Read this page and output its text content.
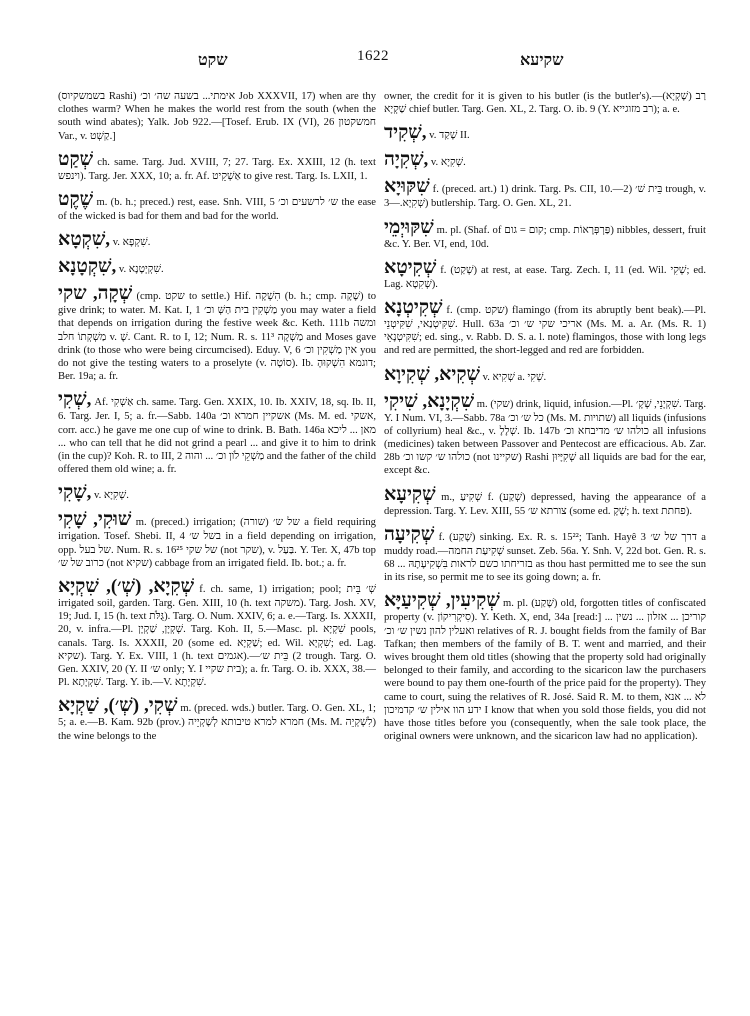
שקט	1622	שקיעא

(בשמשקיוס Rashi) אימתי... בשעה שה׳ וכ׳ Job XXXVII, 17) when are thy clothes warm? When he makes the world rest from the south (when the south wind abates); Yalk. Job 922.—[Tosef. Erub. IX (VI), 26 חמשקטון Var., v. קַשְׁט.]

שְׁקַט ch. same. Targ. Jud. XVIII, 7; 27. Targ. Ex. XXIII, 12 (h. text וינפש). Targ. Jer. XXX, 10; a. fr. Af. אַשְׁקֵיט to give rest. Targ. Is. LXII, 1.

שֶׁקֶט m. (b. h.; preced.) rest, ease. Snh. VIII, 5 ש׳ לרשעים וכ׳ the ease of the wicked is bad for them and bad for the world.

שִׁקְטָא, v. שִׁקְפָא.

שִׁקְטָנָא, v. שִׁקְיְטָנָא.

שְׁקָה, שקי (cmp. שקט to settle.) Hif. הִשְׁקָה (b. h.; cmp. שָׁקָה) to give drink; to water. M. Kat. I, 1 מַשְׁקִין בית הַשְּׁ וכ׳ you may water a field that depends on irrigation during the festive week &c. Keth. 111b ומשה מַשְׁקְתוֹ חלב v. שָׁ. Cant. R. to I, 12; Num. R. s. 11³ מַשְׁקָה and Moses gave drink (to those who were being circumcised). Eduy. V, 6 אין מַשְׁקִין וכ׳ you do not give the testing waters to a proselyte (v. סוֹטָה). Ib. דוגמא הִשְׁקוּהָ; Ber. 19a; a. fr.

שְׁקִי, Af. אַשְׁקִי ch. same. Targ. Gen. XXIX, 10. Ib. XXIV, 18, sq. Ib. II, 6. Targ. Jer. I, 5; a. fr.—Sabb. 140a אשקיין חמרא וכ׳ (Ms. M. ed. אשקי, corr. acc.) he gave me one cup of wine to drink. B. Bath. 146a מאן ... ליכא ... who can tell that he did not grind a pearl ... and give it to him to drink (in the cup)? Koh. R. to III, 2 מַשְׁקֵי לֹון וכ׳ ... והוה and the father of the child offered them old wine; a. fr.

שָׁקִי, v. שְׁקִיָא.

שׁוּקִי, שָׁקִי m. (preced.) irrigation; (שורה) של ש׳ a field requiring irrigation. Tosef. Shebi. II, 4 בשל ש׳ in a field depending on irrigation, opp. של בעל. Num. R. s. 16²⁵ של שקי (not שקר), v. בַּעַל. Y. Ter. X, 47b top כרוב של ש׳ (not שקיא) cabbage from an irrigated field. Ib. bot.; a. fr.

שְׁקִיָא, (שְׁ׳), שִׁקְיָא f. ch. same, 1) irrigation; pool; שְׁ׳ בֵּית irrigated soil, garden. Targ. Gen. XIII, 10 (h. text משקה). Targ. Josh. XV, 19; Jud. I, 15 (h. text גֻּלֹּת). Targ. O. Num. XXIV, 6; a. e.—Targ. Is. XXXII, 20, v. infra.—Pl. שְׁקְיָן, שַׁקְיָן. Targ. Koh. II, 5.—Masc. pl. שִׁקְיָא pools, canals. Targ. Is. XXXII, 20 (some ed. שַׁקְיָא; ed. Wil. שִׁקְיָא; ed. Lag. שקיא). Targ. Y. Ex. VIII, 1 (h. text אגמים).—2) בֵּית ש׳ trough. Targ. O. Gen. XXIV, 20 (Y. II ש׳ only; Y. I בית שקיי); a. fr. Targ. O. ib. XXX, 38.—Pl. שִׁקְיָתָא. Targ. Y. ib.—V. שִׁקְיָתָא.

שְׁקִי, (שְׁ׳), שַׁקְיָא m. (preced. wds.) butler. Targ. O. Gen. XL, 1; 5; a. e.—B. Kam. 92b (prov.) חמרא למרא טיבותא לְשָׁקְיֵיה (Ms. M. לִשְׁקְיֵה) the wine belongs to the

owner, the credit for it is given to his butler (is the butler's).—(שָׁקְיָא) רַב שַׁקְיָא chief butler. Targ. Gen. XL, 2. Targ. O. ib. 9 (Y. רב מזוגייא); a. e.

שְׁקִיד, v. שָׁקַד II.

שְׁקִיָה, v. שְׁקִיָא.

שִׁקּוּיָא f. (preced. art.) 1) drink. Targ. Ps. CII, 10.—2) בֵּית שׁ׳ trough, v. שְׁקִיָא.—3) butlership. Targ. O. Gen. XL, 21.

שִׁקּוּיְמֵי m. pl. (Shaf. of קום = גום; cmp. פַּרְפְּרָאוֹת) nibbles, dessert, fruit &c. Y. Ber. VI, end, 10d.

שְׁקִיטָא f. (שְׁקַט) at rest, at ease. Targ. Zech. I, 11 (ed. Wil. שְׁקִי; ed. Lag. שְׁקִטָא).

שְׁקִיטְנָא f. (cmp. שקט) flamingo (from its abruptly bent beak).—Pl. שִׁקִּיטְנַאי, שִׁקִּיטְנֵי. Hull. 63a אריכי שקי ש׳ וכ׳ (Ms. M. a. Ar. (Ms. R. 1) שִׁקִּיטְנָאֵי; ed. sing., v. Rabb. D. S. a. l. note) flamingos, those with long legs and red are permitted, the short-legged and red are forbidden.

שְׁקִיא, שְׁקִיוָא v. שְׁקִיא a. שְׁקִי.

שִׁקְיָנָא, שִׁיקִי m. (שקי) drink, liquid, infusion.—Pl. שִׁקְיָנֵי, שְׁקָ׳. Targ. Y. I Num. VI, 3.—Sabb. 78a כל ש׳ וכ׳ (Ms. M. שתויות) all liquids (infusions of collyrium) heal &c., v. שְׁלָלָ. Ib. 147b כולהו ש׳ מדיבחא וכ׳ all infusions (medicines) taken between Passover and Pentecost are efficacious. Ab. Zar. 28b כולהו ש׳ קשו וכ׳ (not שקיינו) Rashi שְׁקִיָּיוּן all liquids are bad for the ear, except &c.

שְׁקִיעָא m., שְׁקִיעַ f. (שְׁקַע) depressed, having the appearance of a depression. Targ. Y. Lev. XIII, 55 צורתא ש׳ (some ed. שְׁקָ; h. text פחתת).

שְׁקִיעָה f. (שָׁקַע) sinking. Ex. R. s. 15²²; Tanh. Hayê 3 דרך של ש׳ a muddy road.—שְׁקִיעַת החמה sunset. Zeb. 56a. Y. Snh. V, 22d bot. Gen. R. s. 68 ... בזריחתו כשם לראות בִּשְׁקִיעָתָהּ as thou hast permitted me to see the sun in its rise, so permit me to see its going down; a. fr.

שְׁקִיעִין, שְׁקִיעַיָּא m. pl. (שָׁקַע) old, forgotten titles of confiscated property (v. סִיקְרִיקוֹן). Y. Keth. X, end, 34a [read:] ... קוריכן ... אזלון ... נשין ואעלין להון נשין ש׳ וכ׳ relatives of R. J. bought fields from the family of Bar Tafkan; then members of the family of B. T. went and married, and their wives brought them old titles (showing that the property sold had originally belonged to their family, and according to the sicaricon law the purchasers were bound to pay them one-fourth of the price paid for the property). They came to court, suing the relatives of R. José. Said R. M. to them, לא ... אנא ידע הוו אילין ש׳ קדמיכון I know that when you sold those fields, you did not have those titles before you (consequently, when the sale took place, the original owners were unknown, and the sicaricon law had no application).
